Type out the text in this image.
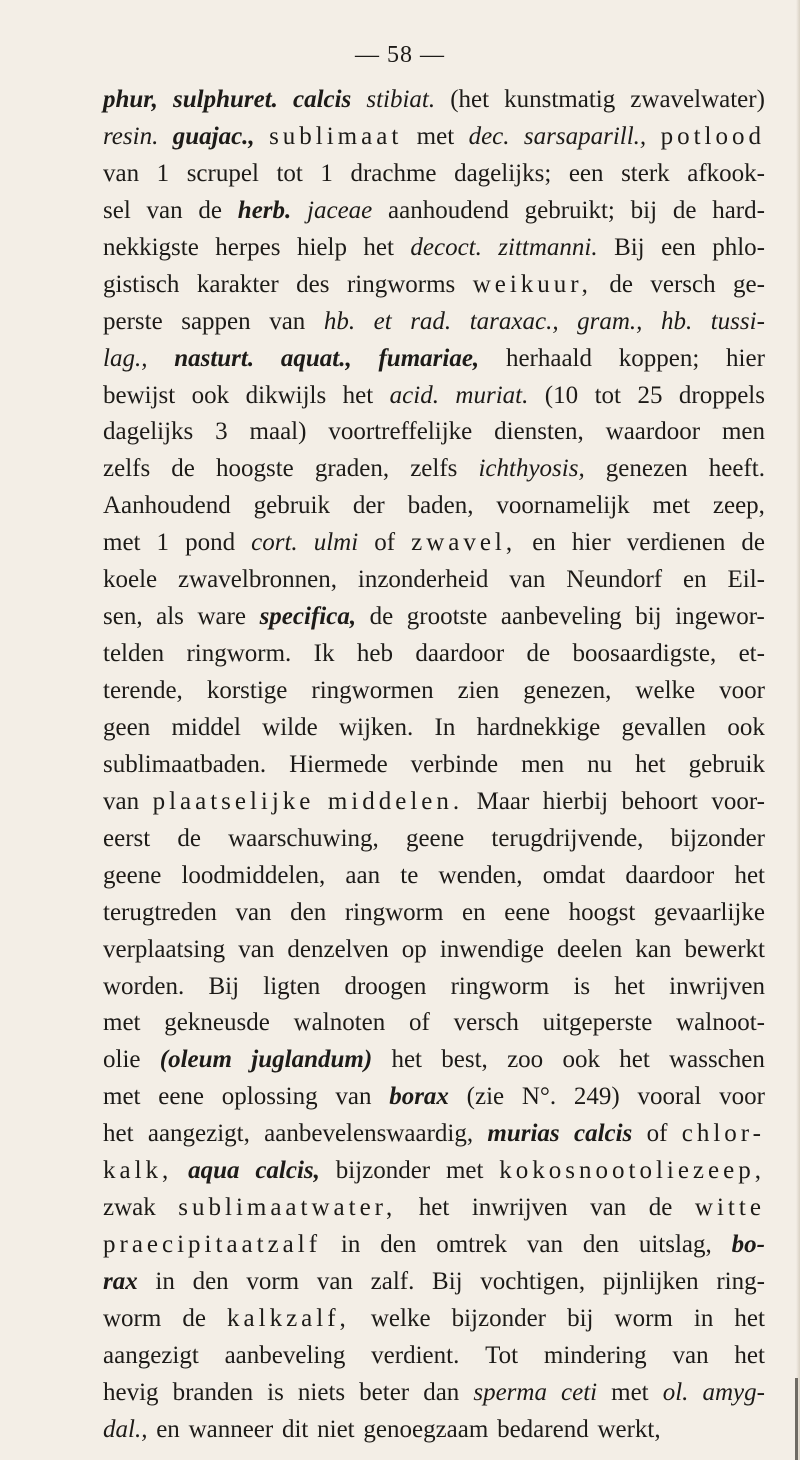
— 58 —
phur, sulphuret. calcis stibiat. (het kunstmatig zwavelwater)
resin. guajac., sublimaat met dec. sarsaparill., potlood
van 1 scrupel tot 1 drachme dagelijks; een sterk afkook-
sel van de herb. jaceae aanhoudend gebruikt; bij de hard-
nekkigste herpes hielp het decoct. zittmanni. Bij een phlo-
gistisch karakter des ringworms weikuur, de versch ge-
perste sappen van hb. et rad. taraxac., gram., hb. tussi-
lag., nasturt. aquat., fumariae, herhaald koppen; hier
bewijst ook dikwijls het acid. muriat. (10 tot 25 droppels
dagelijks 3 maal) voortreffelijke diensten, waardoor men
zelfs de hoogste graden, zelfs ichthyosis, genezen heeft.
Aanhoudend gebruik der baden, voornamelijk met zeep,
met 1 pond cort. ulmi of zwavel, en hier verdienen de
koele zwavelbronnen, inzonderheid van Neundorf en Eil-
sen, als ware specifica, de grootste aanbeveling bij ingewor-
telden ringworm. Ik heb daardoor de boosaardigste, et-
terende, korstige ringwormen zien genezen, welke voor
geen middel wilde wijken. In hardnekkige gevallen ook
sublimaatbaden. Hiermede verbinde men nu het gebruik
van plaatselijke middelen. Maar hierbij behoort voor-
eerst de waarschuwing, geene terugdrijvende, bijzonder
geene loodmiddelen, aan te wenden, omdat daardoor het
terugtreden van den ringworm en eene hoogst gevaarlijke
verplaatsing van denzelven op inwendige deelen kan bewerkt
worden. Bij ligten droogen ringworm is het inwrijven
met gekneusde walnoten of versch uitgeperste walnoot-
olie (oleum juglandum) het best, zoo ook het wasschen
met eene oplossing van borax (zie N°. 249) vooral voor
het aangezigt, aanbevelenswaardig, murias calcis of chlor-
kalk, aqua calcis, bijzonder met kokosnootoliezeep,
zwak sublimaatwater, het inwrijven van de witte
praecipitaatzalf in den omtrek van den uitslag, bo-
rax in den vorm van zalf. Bij vochtigen, pijnlijken ring-
worm de kalkzalf, welke bijzonder bij worm in het
aangezigt aanbeveling verdient. Tot mindering van het
hevig branden is niets beter dan sperma ceti met ol. amyg-
dal., en wanneer dit niet genoegzaam bedarend werkt,
